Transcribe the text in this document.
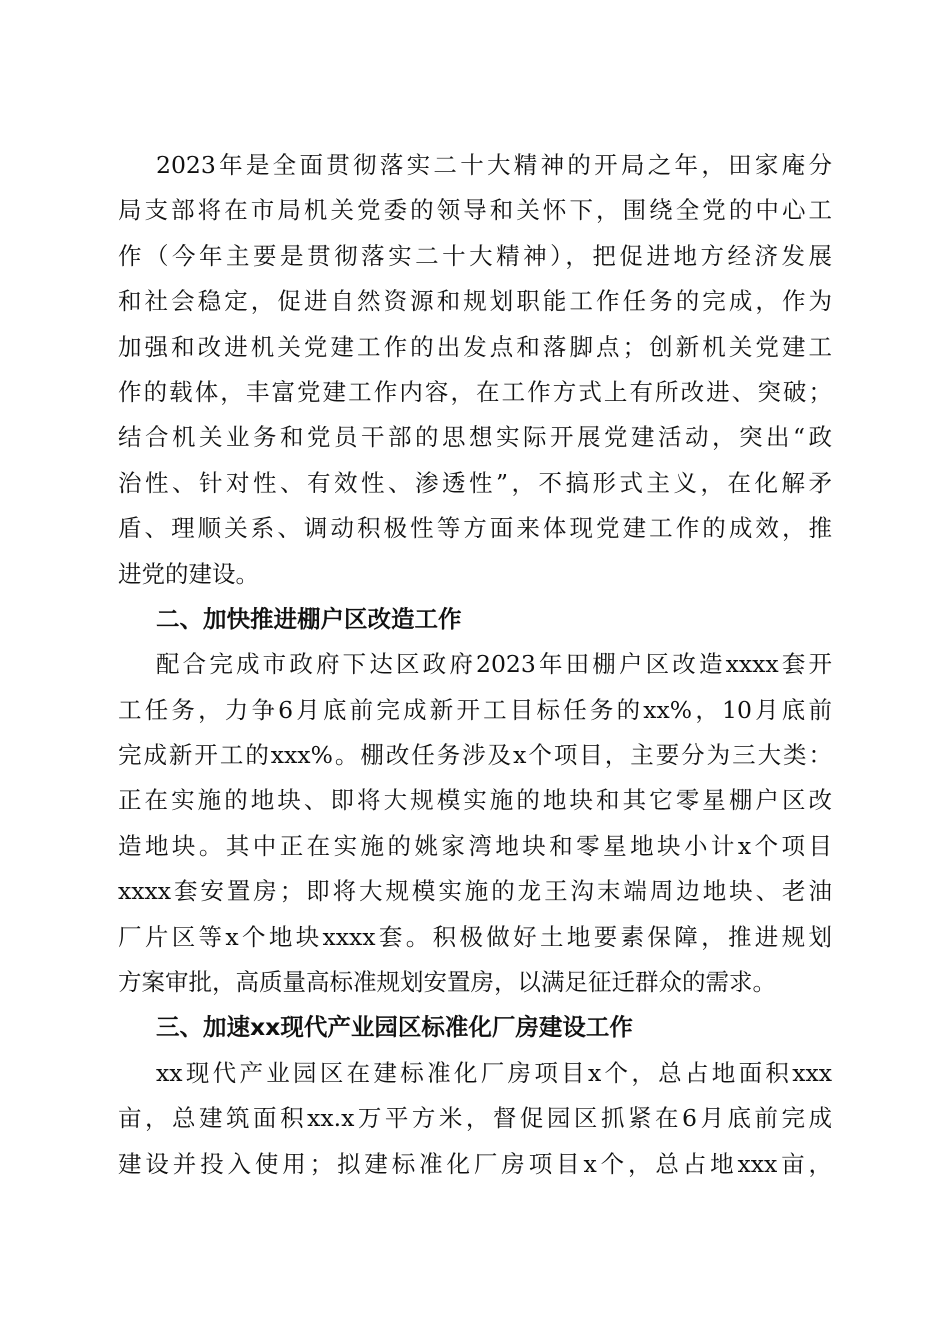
2023年是全面贯彻落实二十大精神的开局之年，田家庵分
局支部将在市局机关党委的领导和关怀下，围绕全党的中心工
作（今年主要是贯彻落实二十大精神），把促进地方经济发展
和社会稳定，促进自然资源和规划职能工作任务的完成，作为
加强和改进机关党建工作的出发点和落脚点；创新机关党建工
作的载体，丰富党建工作内容，在工作方式上有所改进、突破；
结合机关业务和党员干部的思想实际开展党建活动，突出“政
治性、针对性、有效性、渗透性”，不搞形式主义，在化解矛
盾、理顺关系、调动积极性等方面来体现党建工作的成效，推
进党的建设。
二、加快推进棚户区改造工作
配合完成市政府下达区政府2023年田棚户区改造xxxx套开
工任务，力争6月底前完成新开工目标任务的xx%，10月底前
完成新开工的xxx%。棚改任务涉及x个项目，主要分为三大类：
正在实施的地块、即将大规模实施的地块和其它零星棚户区改
造地块。其中正在实施的姚家湾地块和零星地块小计x个项目
xxxx套安置房；即将大规模实施的龙王沟末端周边地块、老油
厂片区等x个地块xxxx套。积极做好土地要素保障，推进规划
方案审批，高质量高标准规划安置房，以满足征迁群众的需求。
三、加速xx现代产业园区标准化厂房建设工作
xx现代产业园区在建标准化厂房项目x个，总占地面积xxx
亩，总建筑面积xx.x万平方米，督促园区抓紧在6月底前完成
建设并投入使用；拟建标准化厂房项目x个，总占地xxx亩，
